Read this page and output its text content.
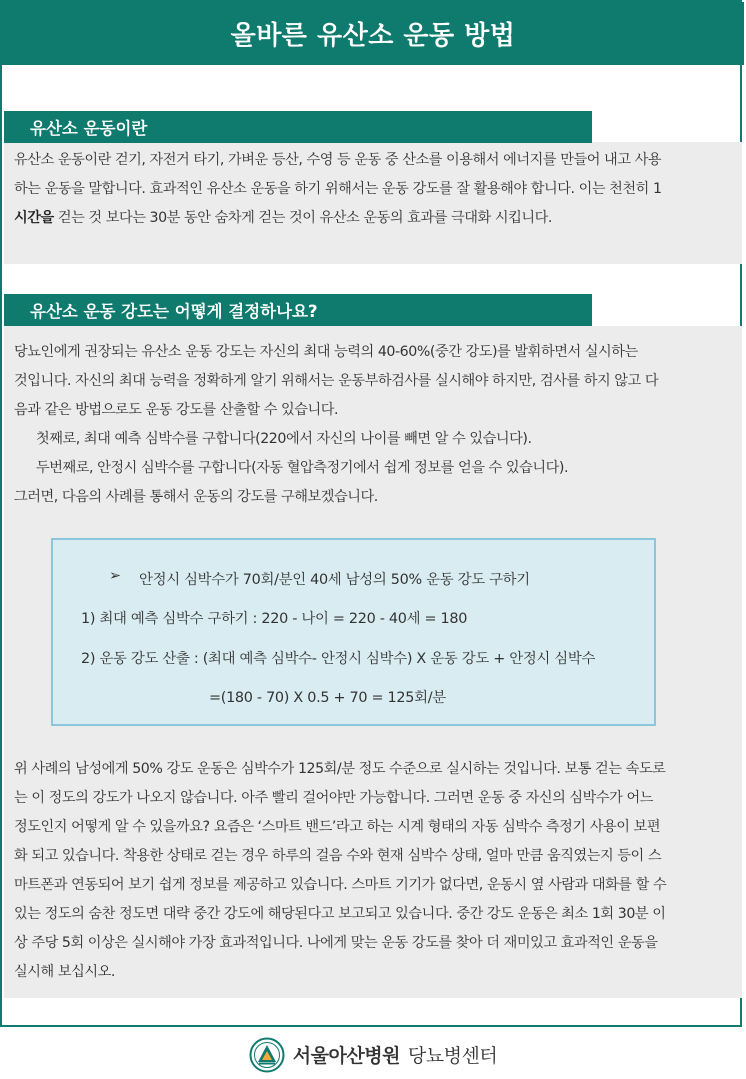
올바른 유산소 운동 방법
유산소 운동이란
유산소 운동이란 걷기, 자전거 타기, 가벼운 등산, 수영 등 운동 중 산소를 이용해서 에너지를 만들어 내고 사용
하는 운동을 말합니다. 효과적인 유산소 운동을 하기 위해서는 운동 강도를 잘 활용해야 합니다. 이는 천천히 1
시간을 걷는 것 보다는 30분 동안 숨차게 걷는 것이 유산소 운동의 효과를 극대화 시킵니다.
유산소 운동 강도는 어떻게 결정하나요?
당뇨인에게 권장되는 유산소 운동 강도는 자신의 최대 능력의 40-60%(중간 강도)를 발휘하면서 실시하는
것입니다. 자신의 최대 능력을 정확하게 알기 위해서는 운동부하검사를 실시해야 하지만, 검사를 하지 않고 다
음과 같은 방법으로도 운동 강도를 산출할 수 있습니다.
첫째로, 최대 예측 심박수를 구합니다(220에서 자신의 나이를 빼면 알 수 있습니다).
두번째로, 안정시 심박수를 구합니다(자동 혈압측정기에서 쉽게 정보를 얻을 수 있습니다).
그러면, 다음의 사례를 통해서 운동의 강도를 구해보겠습니다.
➢ 안정시 심박수가 70회/분인 40세 남성의 50% 운동 강도 구하기
1) 최대 예측 심박수 구하기 : 220 - 나이 = 220 - 40세 = 180
2) 운동 강도 산출 : (최대 예측 심박수- 안정시 심박수) X 운동 강도 + 안정시 심박수
=(180 - 70) X 0.5 + 70 = 125회/분
위 사례의 남성에게 50% 강도 운동은 심박수가 125회/분 정도 수준으로 실시하는 것입니다. 보통 걷는 속도로
는 이 정도의 강도가 나오지 않습니다. 아주 빨리 걸어야만 가능합니다. 그러면 운동 중 자신의 심박수가 어느
정도인지 어떻게 알 수 있을까요? 요즘은 ‘스마트 밴드’라고 하는 시계 형태의 자동 심박수 측정기 사용이 보편
화 되고 있습니다. 착용한 상태로 걷는 경우 하루의 걸음 수와 현재 심박수 상태, 얼마 만큼 움직였는지 등이 스
마트폰과 연동되어 보기 쉽게 정보를 제공하고 있습니다. 스마트 기기가 없다면, 운동시 옆 사람과 대화를 할 수
있는 정도의 숨찬 정도면 대략 중간 강도에 해당된다고 보고되고 있습니다. 중간 강도 운동은 최소 1회 30분 이
상 주당 5회 이상은 실시해야 가장 효과적입니다. 나에게 맞는 운동 강도를 찾아 더 재미있고 효과적인 운동을
실시해 보십시오.
서울아산병원 당뇨병센터
